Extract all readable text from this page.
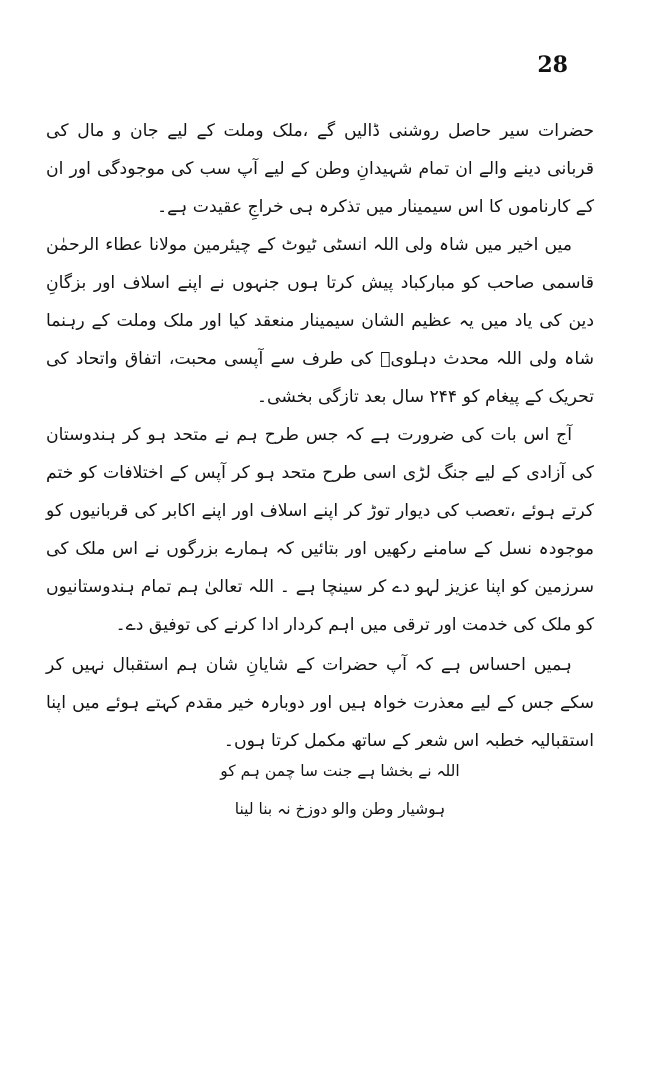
28

حضرات سیر حاصل روشنی ڈالیں گے ،ملک وملت کے لیے جان و مال کی قربانی دینے والے ان تمام شہیدانِ وطن کے لیے آپ سب کی موجودگی اور ان کے کارناموں کا اس سیمینار میں تذکرہ ہی خراجِ عقیدت ہے۔

میں اخیر میں شاہ ولی اللہ انسٹی ٹیوٹ کے چیئرمین مولانا عطاء الرحمٰن قاسمی صاحب کو مبارکباد پیش کرتا ہوں جنہوں نے اپنے اسلاف اور بزگانِ دین کی یاد میں یہ عظیم الشان سیمینار منعقد کیا اور ملک وملت کے رہنما شاہ ولی اللہ محدث دہلویؒ کی طرف سے آپسی محبت، اتفاق واتحاد کی تحریک کے پیغام کو ۲۴۴ سال بعد تازگی بخشی۔

آج اس بات کی ضرورت ہے کہ جس طرح ہم نے متحد ہو کر ہندوستان کی آزادی کے لیے جنگ لڑی اسی طرح متحد ہو کر آپس کے اختلافات کو ختم کرتے ہوئے ،تعصب کی دیوار توڑ کر اپنے اسلاف اور اپنے اکابر کی قربانیوں کو موجودہ نسل کے سامنے رکھیں اور بتائیں کہ ہمارے بزرگوں نے اس ملک کی سرزمین کو اپنا عزیز لہو دے کر سینچا ہے ۔ اللہ تعالیٰ ہم تمام ہندوستانیوں کو ملک کی خدمت اور ترقی میں اہم کردار ادا کرنے کی توفیق دے۔

ہمیں احساس ہے کہ آپ حضرات کے شایانِ شان ہم استقبال نہیں کر سکے جس کے لیے معذرت خواہ ہیں اور دوبارہ خیر مقدم کہتے ہوئے میں اپنا استقبالیہ خطبہ اس شعر کے ساتھ مکمل کرتا ہوں۔

اللہ نے بخشا ہے جنت سا چمن ہم کو

ہوشیار وطن والو دوزخ نہ بنا لینا
